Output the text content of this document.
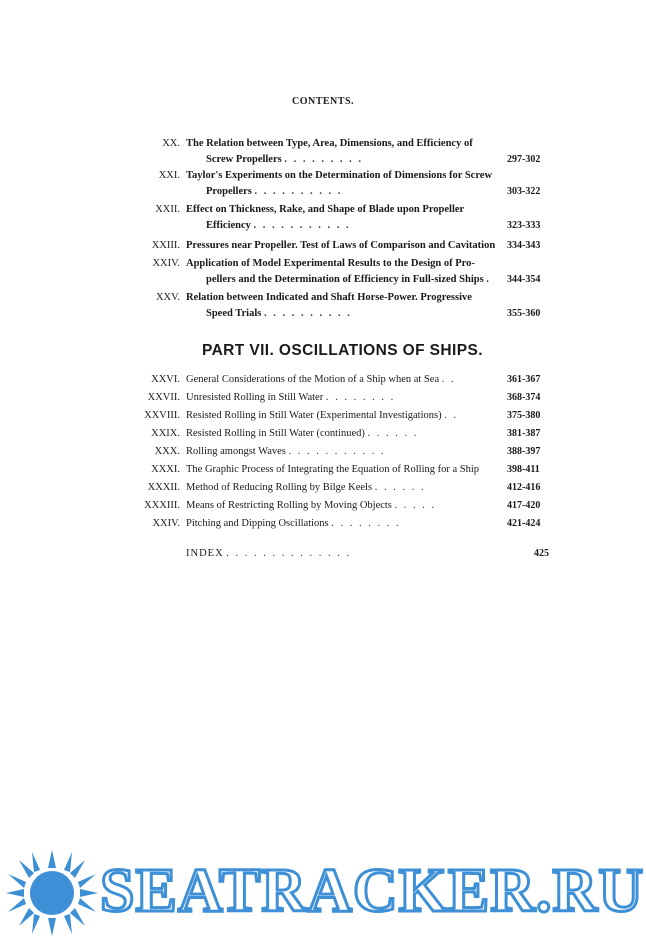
CONTENTS.
XX. The Relation between Type, Area, Dimensions, and Efficiency of
Screw Propellers . . . . . . . . .	297-302
XXI. Taylor's Experiments on the Determination of Dimensions for Screw
Propellers . . . . . . . . . .	303-322
XXII. Effect on Thickness, Rake, and Shape of Blade upon Propeller
Efficiency . . . . . . . . . . .	323-333
XXIII. Pressures near Propeller. Test of Laws of Comparison and Cavitation	334-343
XXIV. Application of Model Experimental Results to the Design of Pro-
pellers and the Determination of Efficiency in Full-sized Ships .	344-354
XXV. Relation between Indicated and Shaft Horse-Power. Progressive
Speed Trials . . . . . . . . . .	355-360
PART VII. OSCILLATIONS OF SHIPS.
XXVI. General Considerations of the Motion of a Ship when at Sea . .	361-367
XXVII. Unresisted Rolling in Still Water . . . . . . . .	368-374
XXVIII. Resisted Rolling in Still Water (Experimental Investigations) . .	375-380
XXIX. Resisted Rolling in Still Water (continued) . . . . . .	381-387
XXX. Rolling amongst Waves . . . . . . . . . . .	388-397
XXXI. The Graphic Process of Integrating the Equation of Rolling for a Ship	398-411
XXXII. Method of Reducing Rolling by Bilge Keels . . . . . .	412-416
XXXIII. Means of Restricting Rolling by Moving Objects . . . . .	417-420
XXIV. Pitching and Dipping Oscillations . . . . . . . .	421-424
INDEX . . . . . . . . . . . . . .	425
SEATRACKER.RU
